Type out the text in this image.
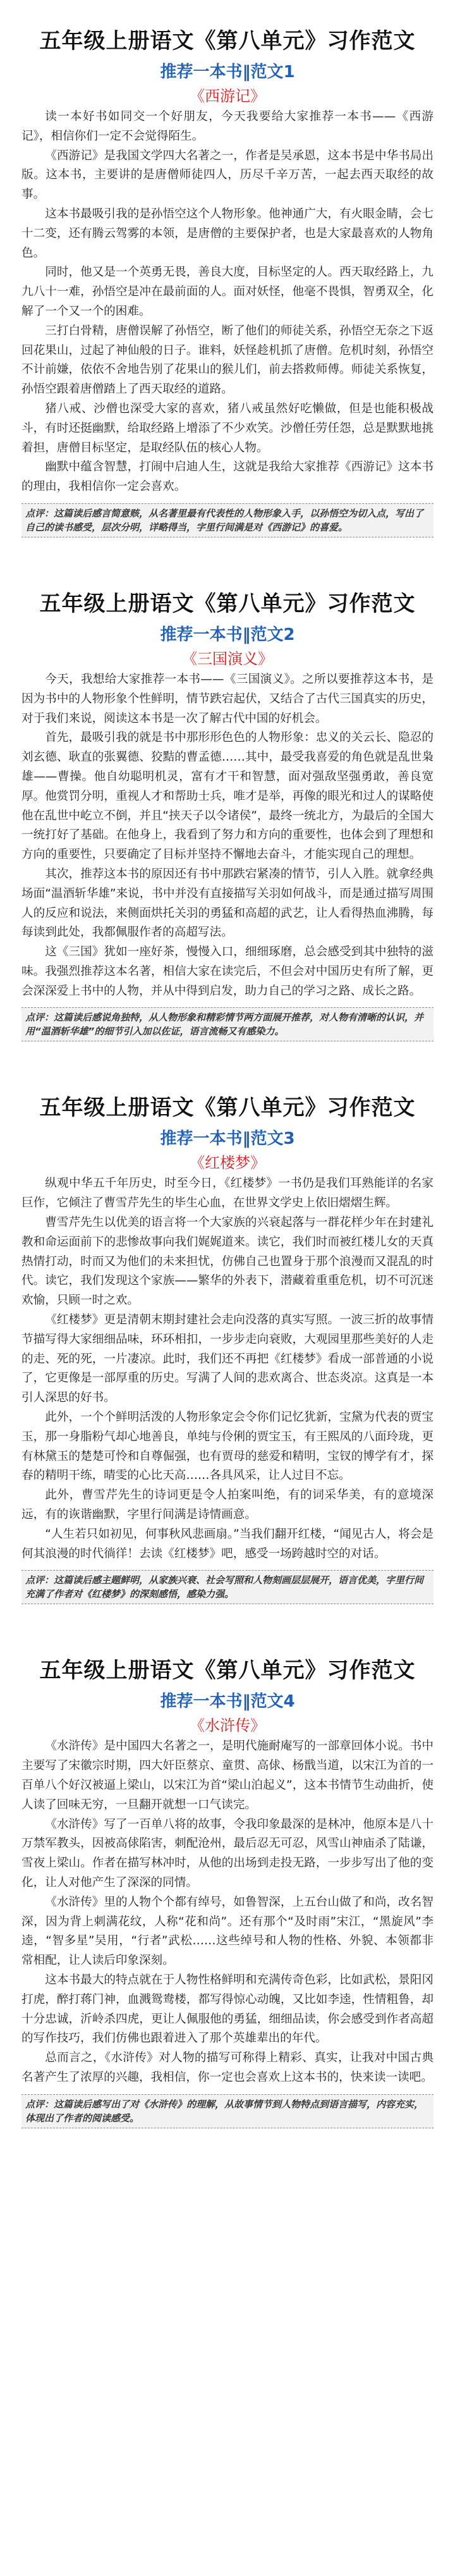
五年级上册语文《第八单元》习作范文
推荐一本书‖范文1
《西游记》

读一本好书如同交一个好朋友，今天我要给大家推荐一本书——《西游记》，相信你们一定不会觉得陌生。

《西游记》是我国文学四大名著之一，作者是吴承恩，这本书是中华书局出版。这本书，主要讲的是唐僧师徒四人，历尽千辛万苦，一起去西天取经的故事。

这本书最吸引我的是孙悟空这个人物形象。他神通广大，有火眼金睛，会七十二变，还有腾云驾雾的本领，是唐僧的主要保护者，也是大家最喜欢的人物角色。

同时，他又是一个英勇无畏，善良大度，目标坚定的人。西天取经路上，九九八十一难，孙悟空是冲在最前面的人。面对妖怪，他毫不畏惧，智勇双全，化解了一个又一个的困难。

三打白骨精，唐僧误解了孙悟空，断了他们的师徒关系，孙悟空无奈之下返回花果山，过起了神仙般的日子。谁料，妖怪趁机抓了唐僧。危机时刻，孙悟空不计前嫌，依依不舍地告别了花果山的猴儿们，前去搭救师傅。师徒关系恢复，孙悟空跟着唐僧踏上了西天取经的道路。

猪八戒、沙僧也深受大家的喜欢，猪八戒虽然好吃懒做，但是也能积极战斗，有时还挺幽默，给取经路上增添了不少欢笑。沙僧任劳任怨，总是默默地挑着担，唐僧目标坚定，是取经队伍的核心人物。

幽默中蕴含智慧，打闹中启迪人生，这就是我给大家推荐《西游记》这本书的理由，我相信你一定会喜欢。

点评：这篇读后感言简意赅，从名著里最有代表性的人物形象入手，以孙悟空为切入点，写出了自己的读书感受，层次分明，详略得当，字里行间满是对《西游记》的喜爱。
五年级上册语文《第八单元》习作范文
推荐一本书‖范文2
《三国演义》

今天，我想给大家推荐一本书——《三国演义》。之所以要推荐这本书，是因为书中的人物形象个性鲜明，情节跌宕起伏，又结合了古代三国真实的历史，对于我们来说，阅读这本书是一次了解古代中国的好机会。

首先，最吸引我的就是书中那形形色色的人物形象：忠义的关云长、隐忍的刘玄德、耿直的张翼德、狡黠的曹孟德……其中，最受我喜爱的角色就是乱世枭雄——曹操。他自幼聪明机灵，富有才干和智慧，面对强敌坚强勇敢，善良宽厚。他赏罚分明，重视人才和帮助士兵，唯才是举，再像的眼光和过人的谋略使他在乱世中屹立不倒，并且“挟天子以令诸侯”，最终一统北方，为最后的全国大一统打好了基础。在他身上，我看到了努力和方向的重要性，也体会到了理想和方向的重要性，只要确定了目标并坚持不懈地去奋斗，才能实现自己的理想。

其次，推荐这本书的原因还有书中那跌宕紧凑的情节，引人入胜。就拿经典场面“温酒斩华雄”来说，书中并没有直接描写关羽如何战斗，而是通过描写周围人的反应和说法，来侧面烘托关羽的勇猛和高超的武艺，让人看得热血沸腾，每每读到此处，我都佩服作者的高超写法。

这《三国》犹如一座好茶，慢慢入口，细细琢磨，总会感受到其中独特的滋味。我强烈推荐这本名著，相信大家在读完后，不但会对中国历史有所了解，更会深深爱上书中的人物，并从中得到启发，助力自己的学习之路、成长之路。

点评：这篇读后感说角独特，从人物形象和精彩情节两方面展开推荐，对人物有清晰的认识，并用“温酒斩华雄”的细节引入加以佐证，语言流畅又有感染力。
五年级上册语文《第八单元》习作范文
推荐一本书‖范文3
《红楼梦》

纵观中华五千年历史，时至今日，《红楼梦》一书仍是我们耳熟能详的名家巨作，它倾注了曹雪芹先生的毕生心血，在世界文学史上依旧熠熠生辉。

曹雪芹先生以优美的语言将一个大家族的兴衰起落与一群花样少年在封建礼教和命运面前下的悲惨故事向我们娓娓道来。读它，我们时而被红楼儿女的天真热情打动，时而又为他们的未来担忧，仿佛自己也置身于那个浪漫而又混乱的时代。读它，我们发现这个家族——繁华的外表下，潜藏着重重危机，切不可沉迷欢愉，只顾一时之欢。

《红楼梦》更是清朝末期封建社会走向没落的真实写照。一波三折的故事情节描写得大家细细品味，环环相扣，一步步走向衰败，大观园里那些美好的人走的走、死的死，一片凄凉。此时，我们还不再把《红楼梦》看成一部普通的小说了，它更像是一部厚重的历史。写满了人间的悲欢离合、世态炎凉。这真是一本引人深思的好书。

此外，一个个鲜明活泼的人物形象定会令你们记忆犹新，宝黛为代表的贾宝玉，那一身脂粉气却心地善良，单纯与伶俐的贾宝玉，有王熙凤的八面玲珑，更有林黛玉的楚楚可怜和自尊倔强，也有贾母的慈爱和精明，宝钗的博学有才，探春的精明干练，晴雯的心比天高……各具风采，让人过目不忘。

此外，曹雪芹先生的诗词更是令人拍案叫绝，有的词采华美，有的意境深远，有的诙谐幽默，字里行间满是诗情画意。

“人生若只如初见，何事秋风悲画扇。”当我们翻开红楼，“闻见古人，将会是何其浪漫的时代徜徉！去读《红楼梦》吧，感受一场跨越时空的对话。

点评：这篇读后感主题鲜明，从家族兴衰、社会写照和人物刻画层层展开，语言优美，字里行间充满了作者对《红楼梦》的深刻感悟，感染力强。
五年级上册语文《第八单元》习作范文
推荐一本书‖范文4
《水浒传》

《水浒传》是中国四大名著之一，是明代施耐庵写的一部章回体小说。书中主要写了宋徽宗时期，四大奸臣蔡京、童贯、高俅、杨戬当道，以宋江为首的一百单八个好汉被逼上梁山，以宋江为首“梁山泊起义”，这本书情节生动曲折，使人读了回味无穷，一旦翻开就想一口气读完。

《水浒传》写了一百单八将的故事，令我印象最深的是林冲，他原本是八十万禁军教头，因被高俅陷害，刺配沧州，最后忍无可忍，风雪山神庙杀了陆谦，雪夜上梁山。作者在描写林冲时，从他的出场到走投无路，一步步写出了他的变化，让人对他产生了深深的同情。

《水浒传》里的人物个个都有绰号，如鲁智深，上五台山做了和尚，改名智深，因为背上刺满花纹，人称“花和尚”。还有那个“及时雨”宋江，“黑旋风”李逵，“智多星”吴用，“行者”武松……这些绰号和人物的性格、外貌、本领都非常相配，让人读后印象深刻。

这本书最大的特点就在于人物性格鲜明和充满传奇色彩，比如武松，景阳冈打虎，醉打蒋门神，血溅鸳鸯楼，都写得惊心动魄，又比如李逵，性情粗鲁，却十分忠诚，沂岭杀四虎，更让人佩服他的勇猛，细细品读，你会感受到作者高超的写作技巧，我们仿佛也跟着进入了那个英雄辈出的年代。

总而言之，《水浒传》对人物的描写可称得上精彩、真实，让我对中国古典名著产生了浓厚的兴趣，我相信，你一定也会喜欢上这本书的，快来读一读吧。

点评：这篇读后感写出了对《水浒传》的理解，从故事情节到人物特点到语言描写，内容充实，体现出了作者的阅读感受。
